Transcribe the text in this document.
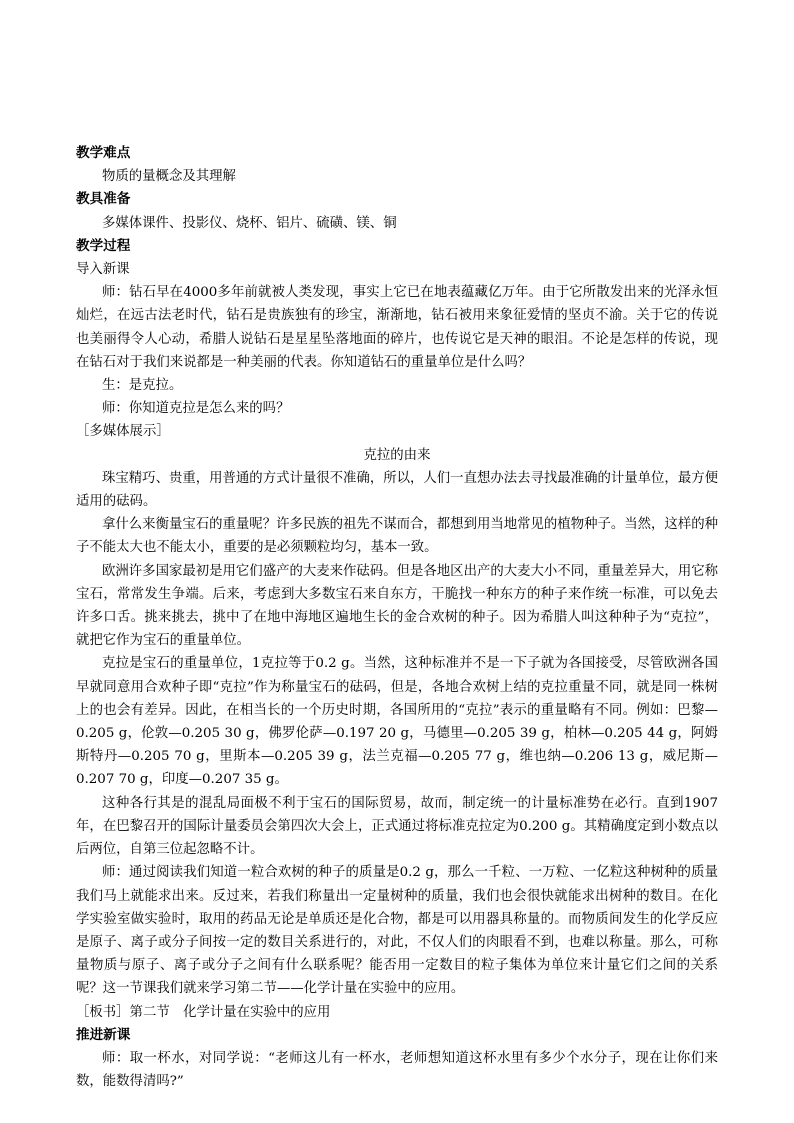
教学难点

物质的量概念及其理解

教具准备

多媒体课件、投影仪、烧杯、铝片、硫磺、镁、铜

教学过程

导入新课

师：钻石早在4000多年前就被人类发现，事实上它已在地表蕴藏亿万年。由于它所散发出来的光泽永恒灿烂，在远古法老时代，钻石是贵族独有的珍宝，渐渐地，钻石被用来象征爱情的坚贞不渝。关于它的传说也美丽得令人心动，希腊人说钻石是星星坠落地面的碎片，也传说它是天神的眼泪。不论是怎样的传说，现在钻石对于我们来说都是一种美丽的代表。你知道钻石的重量单位是什么吗？

生：是克拉。

师：你知道克拉是怎么来的吗？

［多媒体展示］

克拉的由来

珠宝精巧、贵重，用普通的方式计量很不准确，所以，人们一直想办法去寻找最准确的计量单位，最方便适用的砝码。

拿什么来衡量宝石的重量呢？许多民族的祖先不谋而合，都想到用当地常见的植物种子。当然，这样的种子不能太大也不能太小，重要的是必须颗粒均匀，基本一致。

欧洲许多国家最初是用它们盛产的大麦来作砝码。但是各地区出产的大麦大小不同，重量差异大，用它称宝石，常常发生争端。后来，考虑到大多数宝石来自东方，干脆找一种东方的种子来作统一标准，可以免去许多口舌。挑来挑去，挑中了在地中海地区遍地生长的金合欢树的种子。因为希腊人叫这种种子为“克拉”，就把它作为宝石的重量单位。

克拉是宝石的重量单位，1克拉等于0.2 g。当然，这种标准并不是一下子就为各国接受，尽管欧洲各国早就同意用合欢种子即“克拉”作为称量宝石的砝码，但是，各地合欢树上结的克拉重量不同，就是同一株树上的也会有差异。因此，在相当长的一个历史时期，各国所用的“克拉”表示的重量略有不同。例如：巴黎—0.205 g，伦敦—0.205 30 g，佛罗伦萨—0.197 20 g，马德里—0.205 39 g，柏林—0.205 44 g，阿姆斯特丹—0.205 70 g，里斯本—0.205 39 g，法兰克福—0.205 77 g，维也纳—0.206 13 g，威尼斯—0.207 70 g，印度—0.207 35 g。

这种各行其是的混乱局面极不利于宝石的国际贸易，故而，制定统一的计量标准势在必行。直到1907年，在巴黎召开的国际计量委员会第四次大会上，正式通过将标准克拉定为0.200 g。其精确度定到小数点以后两位，自第三位起忽略不计。

师：通过阅读我们知道一粒合欢树的种子的质量是0.2 g，那么一千粒、一万粒、一亿粒这种树种的质量我们马上就能求出来。反过来，若我们称量出一定量树种的质量，我们也会很快就能求出树种的数目。在化学实验室做实验时，取用的药品无论是单质还是化合物，都是可以用器具称量的。而物质间发生的化学反应是原子、离子或分子间按一定的数目关系进行的，对此，不仅人们的肉眼看不到，也难以称量。那么，可称量物质与原子、离子或分子之间有什么联系呢？能否用一定数目的粒子集体为单位来计量它们之间的关系呢？这一节课我们就来学习第二节——化学计量在实验中的应用。

［板书］第二节　化学计量在实验中的应用

推进新课

师：取一杯水，对同学说：“老师这儿有一杯水，老师想知道这杯水里有多少个水分子，现在让你们来数，能数得清吗?”
